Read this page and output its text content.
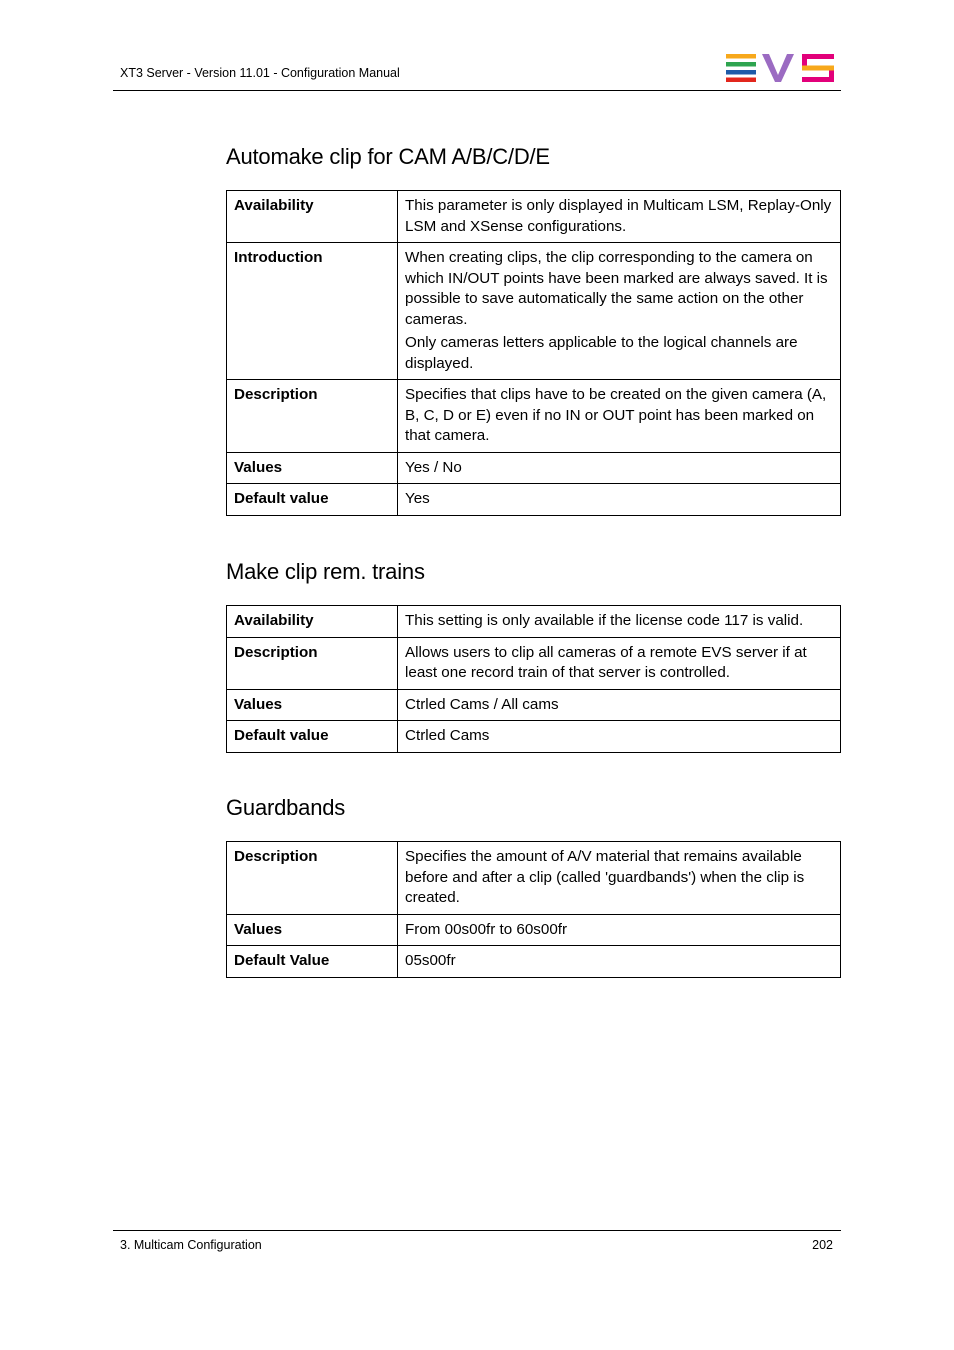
XT3 Server - Version 11.01 - Configuration Manual
Automake clip for CAM A/B/C/D/E
Availability	This parameter is only displayed in Multicam LSM, Replay-Only LSM and XSense configurations.

Introduction	When creating clips, the clip corresponding to the camera on which IN/OUT points have been marked are always saved. It is possible to save automatically the same action on the other cameras.

Only cameras letters applicable to the logical channels are displayed.

Description	Specifies that clips have to be created on the given camera (A, B, C, D or E) even if no IN or OUT point has been marked on that camera.

Values	Yes / No

Default value	Yes

Make clip rem. trains
Availability	This setting is only available if the license code 117 is valid.

Description	Allows users to clip all cameras of a remote EVS server if at least one record train of that server is controlled.

Values	Ctrled Cams / All cams

Default value	Ctrled Cams

Guardbands
Description	Specifies the amount of A/V material that remains available before and after a clip (called 'guardbands') when the clip is created.

Values	From 00s00fr to 60s00fr

Default Value	05s00fr

3. Multicam Configuration	202
